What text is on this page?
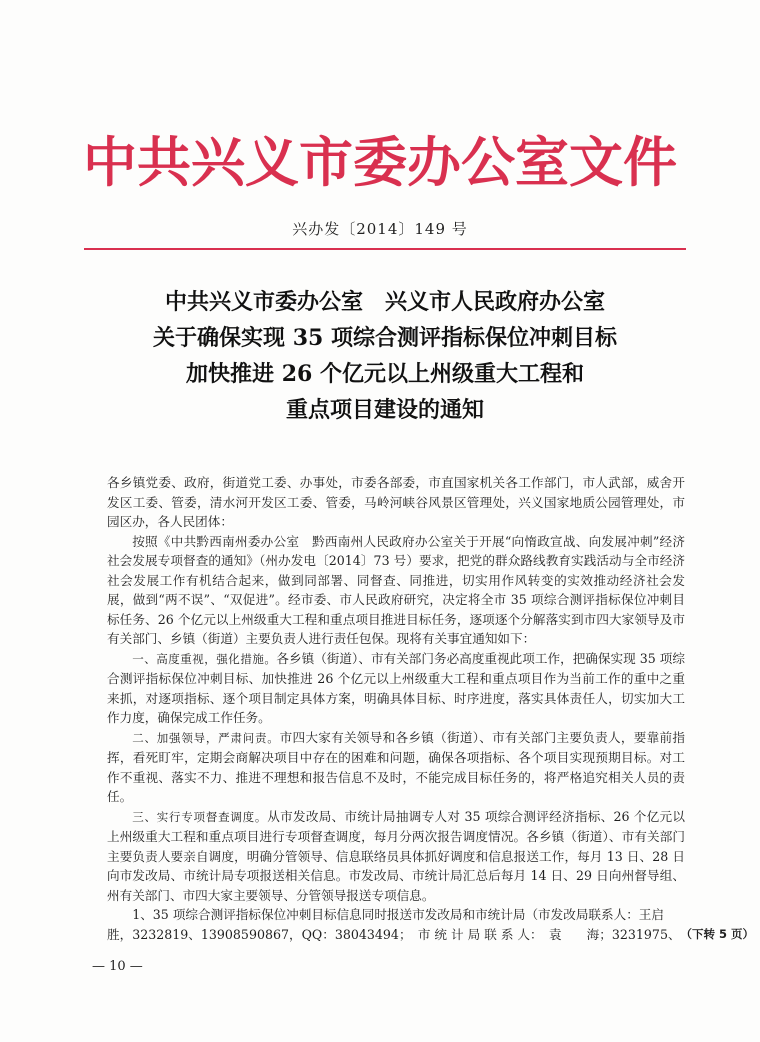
中共兴义市委办公室文件
兴办发〔2014〕149 号
中共兴义市委办公室　兴义市人民政府办公室
关于确保实现 35 项综合测评指标保位冲刺目标
加快推进 26 个亿元以上州级重大工程和
重点项目建设的通知

各乡镇党委、政府，街道党工委、办事处，市委各部委，市直国家机关各工作部门，市人武部，威舍开发区工委、管委，清水河开发区工委、管委，马岭河峡谷风景区管理处，兴义国家地质公园管理处，市园区办，各人民团体：

按照《中共黔西南州委办公室　黔西南州人民政府办公室关于开展“向惰政宣战、向发展冲刺”经济社会发展专项督查的通知》（州办发电〔2014〕73 号）要求，把党的群众路线教育实践活动与全市经济社会发展工作有机结合起来，做到同部署、同督查、同推进，切实用作风转变的实效推动经济社会发展，做到“两不误”、“双促进”。经市委、市人民政府研究，决定将全市 35 项综合测评指标保位冲刺目标任务、26 个亿元以上州级重大工程和重点项目推进目标任务，逐项逐个分解落实到市四大家领导及市有关部门、乡镇（街道）主要负责人进行责任包保。现将有关事宜通知如下：

一、高度重视，强化措施。各乡镇（街道）、市有关部门务必高度重视此项工作，把确保实现 35 项综合测评指标保位冲刺目标、加快推进 26 个亿元以上州级重大工程和重点项目作为当前工作的重中之重来抓，对逐项指标、逐个项目制定具体方案，明确具体目标、时序进度，落实具体责任人，切实加大工作力度，确保完成工作任务。

二、加强领导，严肃问责。市四大家有关领导和各乡镇（街道）、市有关部门主要负责人，要靠前指挥，看死盯牢，定期会商解决项目中存在的困难和问题，确保各项指标、各个项目实现预期目标。对工作不重视、落实不力、推进不理想和报告信息不及时，不能完成目标任务的，将严格追究相关人员的责任。

三、实行专项督查调度。从市发改局、市统计局抽调专人对 35 项综合测评经济指标、26 个亿元以上州级重大工程和重点项目进行专项督查调度，每月分两次报告调度情况。各乡镇（街道）、市有关部门主要负责人要亲自调度，明确分管领导、信息联络员具体抓好调度和信息报送工作，每月 13 日、28 日向市发改局、市统计局专项报送相关信息。市发改局、市统计局汇总后每月 14 日、29 日向州督导组、州有关部门、市四大家主要领导、分管领导报送专项信息。

1、35 项综合测评指标保位冲刺目标信息同时报送市发改局和市统计局（市发改局联系人：王启

胜，3232819、13908590867，QQ：38043494；　市 统 计 局 联 系 人：　袁　　海；3231975、 （下转 5 页）
— 10 —
